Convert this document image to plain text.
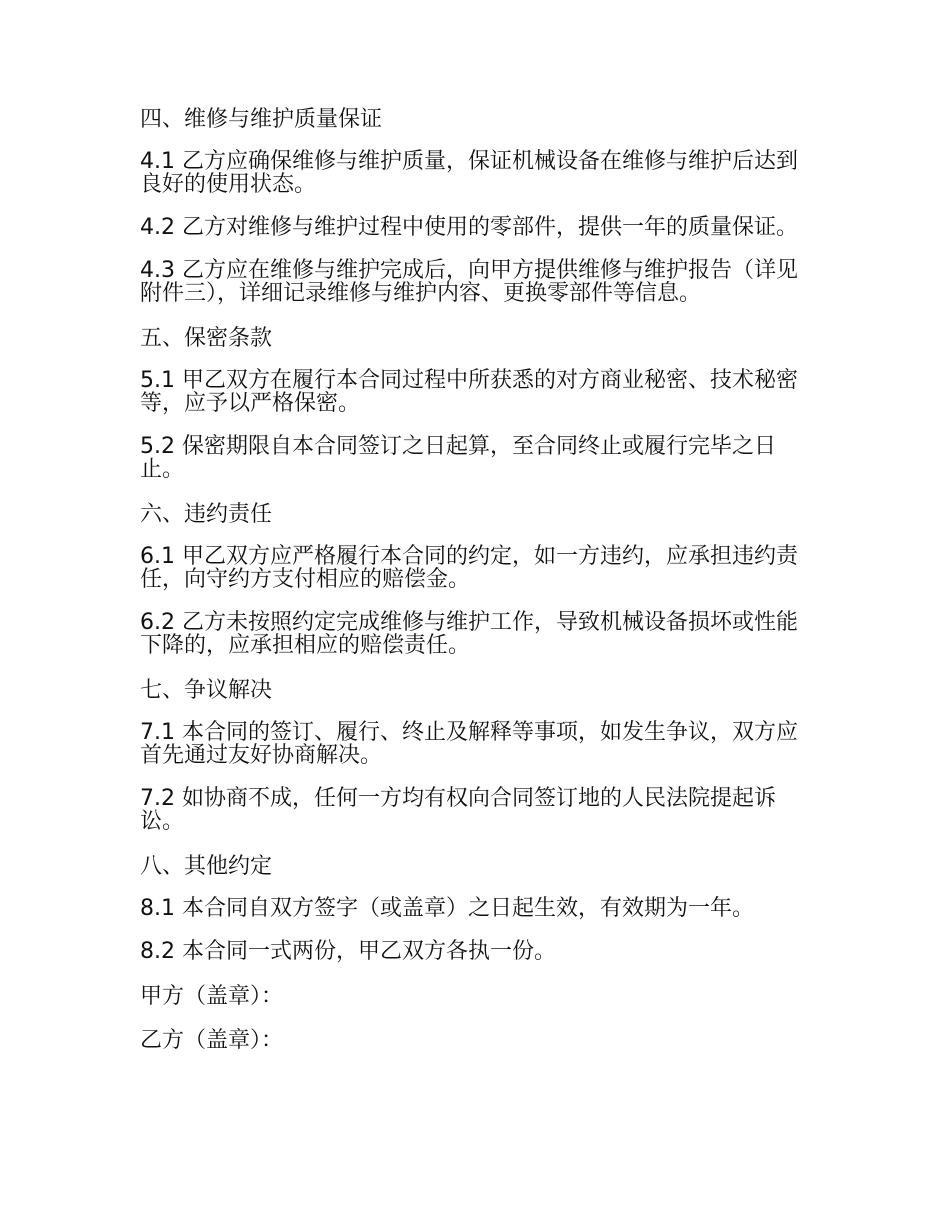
四、维修与维护质量保证
4.1 乙方应确保维修与维护质量，保证机械设备在维修与维护后达到良好的使用状态。
4.2 乙方对维修与维护过程中使用的零部件，提供一年的质量保证。
4.3 乙方应在维修与维护完成后，向甲方提供维修与维护报告（详见附件三），详细记录维修与维护内容、更换零部件等信息。
五、保密条款
5.1 甲乙双方在履行本合同过程中所获悉的对方商业秘密、技术秘密等，应予以严格保密。
5.2 保密期限自本合同签订之日起算，至合同终止或履行完毕之日止。
六、违约责任
6.1 甲乙双方应严格履行本合同的约定，如一方违约，应承担违约责任，向守约方支付相应的赔偿金。
6.2 乙方未按照约定完成维修与维护工作，导致机械设备损坏或性能下降的，应承担相应的赔偿责任。
七、争议解决
7.1 本合同的签订、履行、终止及解释等事项，如发生争议，双方应首先通过友好协商解决。
7.2 如协商不成，任何一方均有权向合同签订地的人民法院提起诉讼。
八、其他约定
8.1 本合同自双方签字（或盖章）之日起生效，有效期为一年。
8.2 本合同一式两份，甲乙双方各执一份。
甲方（盖章）：
乙方（盖章）：
